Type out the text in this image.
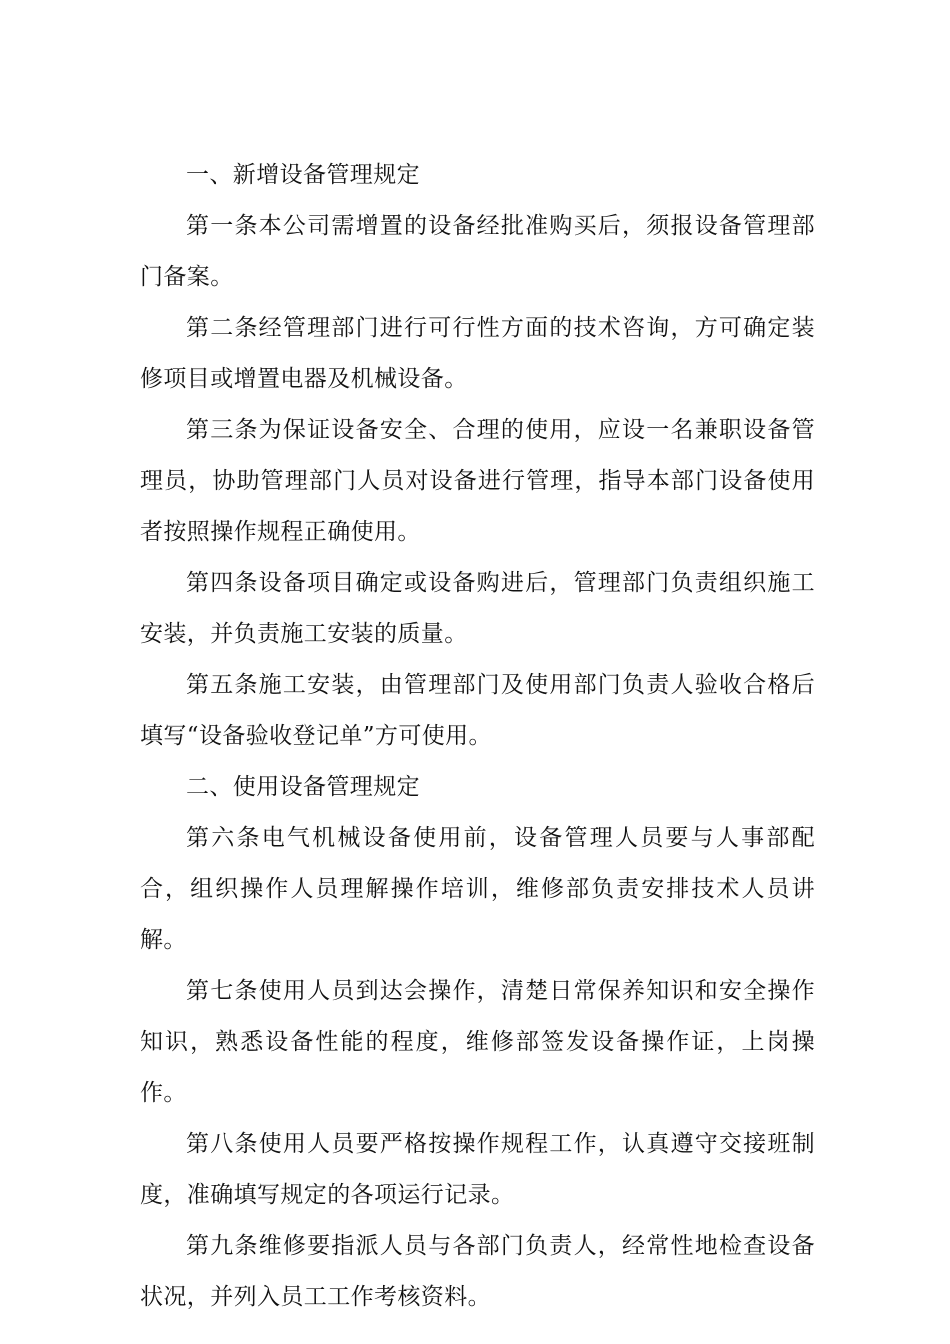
一、新增设备管理规定

第一条本公司需增置的设备经批准购买后，须报设备管理部门备案。

第二条经管理部门进行可行性方面的技术咨询，方可确定装修项目或增置电器及机械设备。

第三条为保证设备安全、合理的使用，应设一名兼职设备管理员，协助管理部门人员对设备进行管理，指导本部门设备使用者按照操作规程正确使用。

第四条设备项目确定或设备购进后，管理部门负责组织施工安装，并负责施工安装的质量。

第五条施工安装，由管理部门及使用部门负责人验收合格后填写“设备验收登记单”方可使用。

二、使用设备管理规定

第六条电气机械设备使用前，设备管理人员要与人事部配合，组织操作人员理解操作培训，维修部负责安排技术人员讲解。

第七条使用人员到达会操作，清楚日常保养知识和安全操作知识，熟悉设备性能的程度，维修部签发设备操作证，上岗操作。

第八条使用人员要严格按操作规程工作，认真遵守交接班制度，准确填写规定的各项运行记录。

第九条维修要指派人员与各部门负责人，经常性地检查设备状况，并列入员工工作考核资料。
